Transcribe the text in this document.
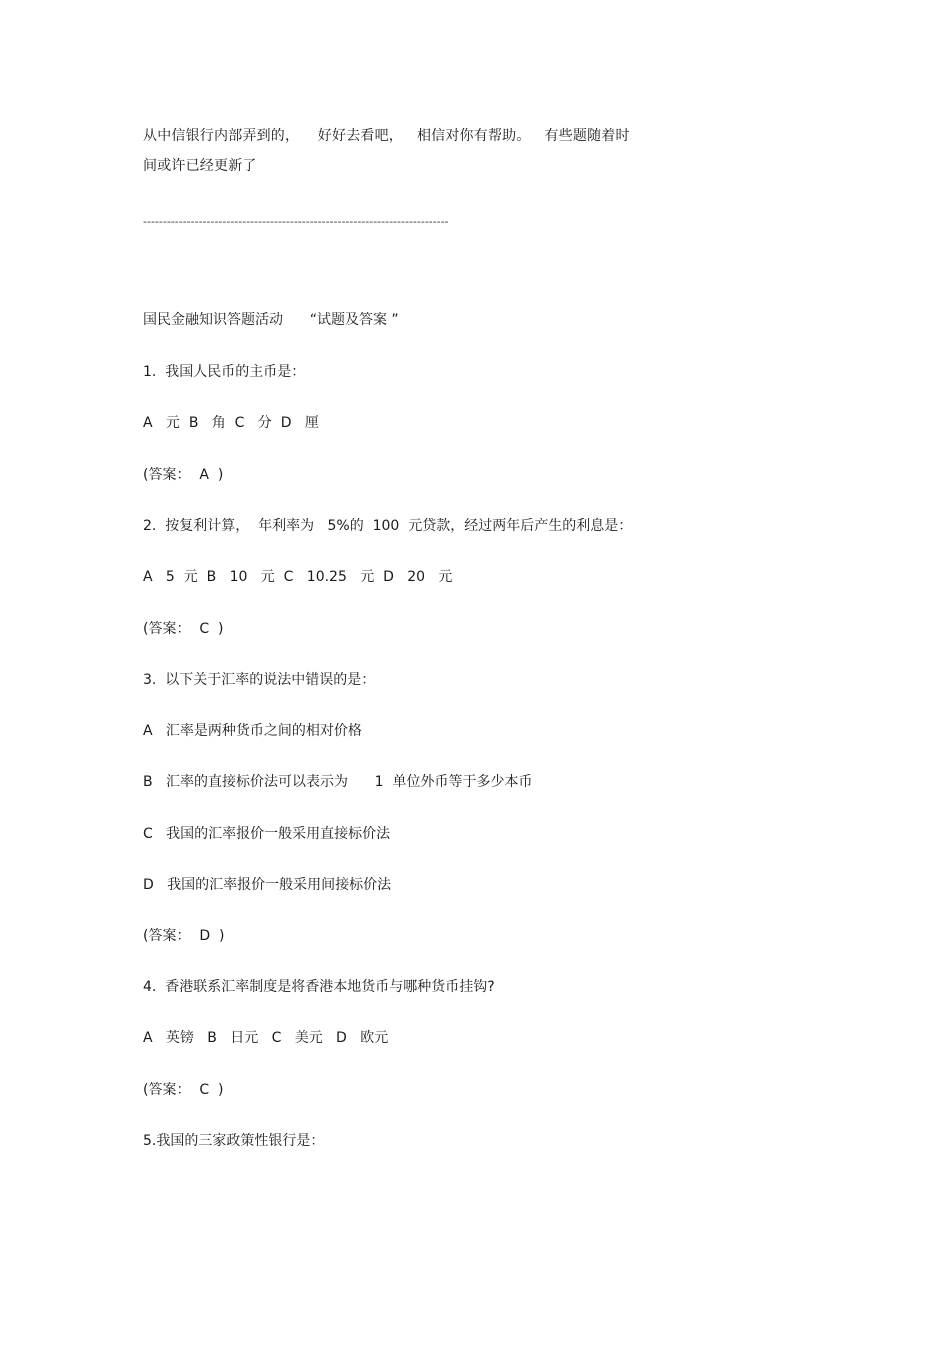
从中信银行内部弄到的，    好好去看吧，   相信对你有帮助。   有些题随着时
间或许已经更新了
-----------------------------------------------------------------------------
国民金融知识答题活动      “试题及答案 ”
1.  我国人民币的主币是：
A   元  B   角  C   分  D   厘
(答案：  A  )
2.  按复利计算，  年利率为   5%的  100  元贷款，经过两年后产生的利息是：
A   5  元  B   10   元  C   10.25   元  D   20   元
(答案：  C  )
3.  以下关于汇率的说法中错误的是：
A   汇率是两种货币之间的相对价格
B   汇率的直接标价法可以表示为      1  单位外币等于多少本币
C   我国的汇率报价一般采用直接标价法
D   我国的汇率报价一般采用间接标价法
(答案：  D  )
4.  香港联系汇率制度是将香港本地货币与哪种货币挂钩?
A   英镑   B   日元   C   美元   D   欧元
(答案：  C  )
5.我国的三家政策性银行是：
